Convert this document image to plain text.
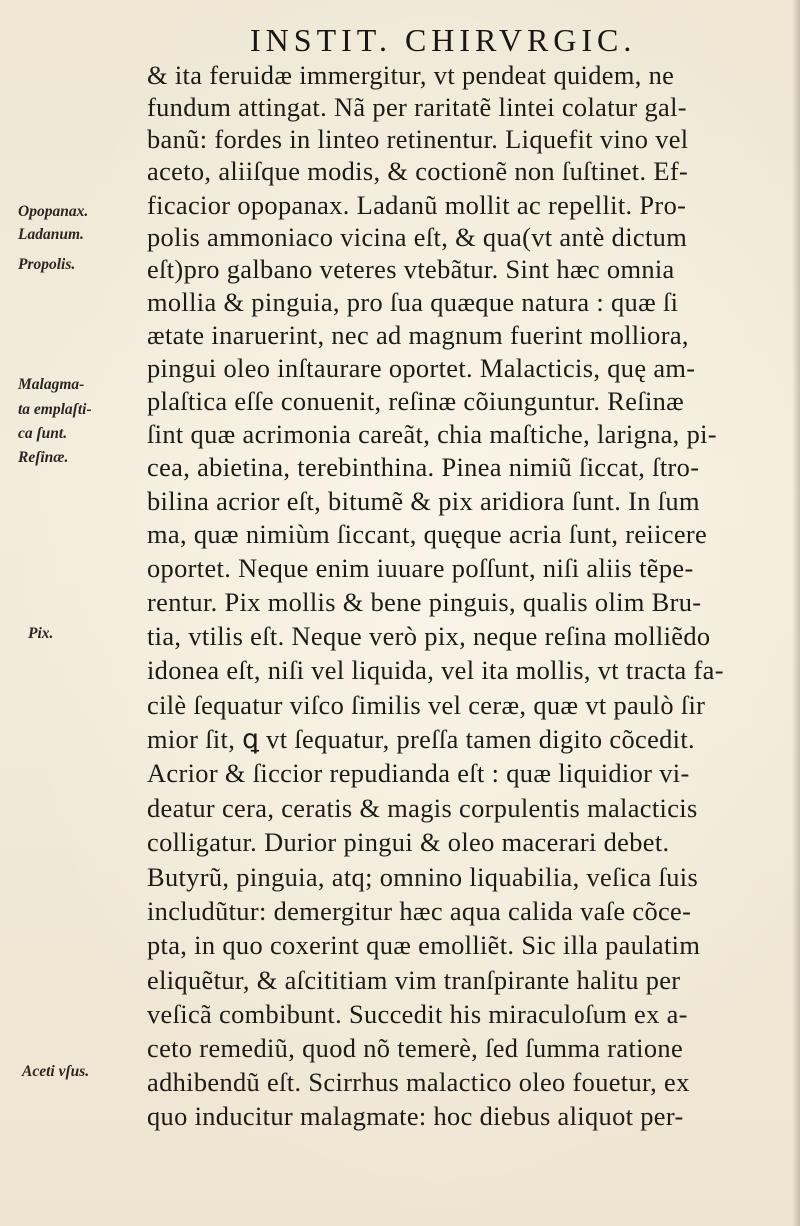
INSTIT. CHIRVRGIC.
Opopanax.
Ladanum.
Propolis.
Malagma-
ta emplaſti-
ca ſunt.
Reſinæ.
Pix.
Aceti vſus.
& ita feruidæ immergitur, vt pendeat quidem, ne
fundum attingat. Nã per raritatẽ lintei colatur gal-
banũ: fordes in linteo retinentur. Liquefit vino vel
aceto, aliiſque modis, & coctionẽ non ſuſtinet. Ef-
ficacior opopanax. Ladanũ mollit ac repellit. Pro-
polis ammoniaco vicina eſt, & qua(vt antè dictum
eſt)pro galbano veteres vtebãtur. Sint hæc omnia
mollia & pinguia, pro ſua quæque natura : quæ ſi
ætate inaruerint, nec ad magnum fuerint molliora,
pingui oleo inſtaurare oportet. Malacticis, quę am-
plaſtica eſſe conuenit, reſinæ cõiunguntur. Reſinæ
ſint quæ acrimonia careãt, chia maſtiche, larigna, pi-
cea, abietina, terebinthina. Pinea nimiũ ſiccat, ſtro-
bilina acrior eſt, bitumẽ & pix aridiora ſunt. In ſum
ma, quæ nimiùm ſiccant, quęque acria ſunt, reiicere
oportet. Neque enim iuuare poſſunt, niſi aliis tẽpe-
rentur. Pix mollis & bene pinguis, qualis olim Bru-
tia, vtilis eſt. Neque verò pix, neque reſina molliẽdo
idonea eſt, niſi vel liquida, vel ita mollis, vt tracta fa-
cilè ſequatur viſco ſimilis vel ceræ, quæ vt paulò ſir
mior ſit, ꝗ vt ſequatur, preſſa tamen digito cõcedit.
Acrior & ſiccior repudianda eſt : quæ liquidior vi-
deatur cera, ceratis & magis corpulentis malacticis
colligatur. Durior pingui & oleo macerari debet.
Butyrũ, pinguia, atq; omnino liquabilia, veſica ſuis
includũtur: demergitur hæc aqua calida vaſe cõce-
pta, in quo coxerint quæ emolliẽt. Sic illa paulatim
eliquẽtur, & aſcititiam vim tranſpirante halitu per
veſicã combibunt. Succedit his miraculoſum ex a-
ceto remediũ, quod nõ temerè, ſed ſumma ratione
adhibendũ eſt. Scirrhus malactico oleo fouetur, ex
quo inducitur malagmate: hoc diebus aliquot per-
